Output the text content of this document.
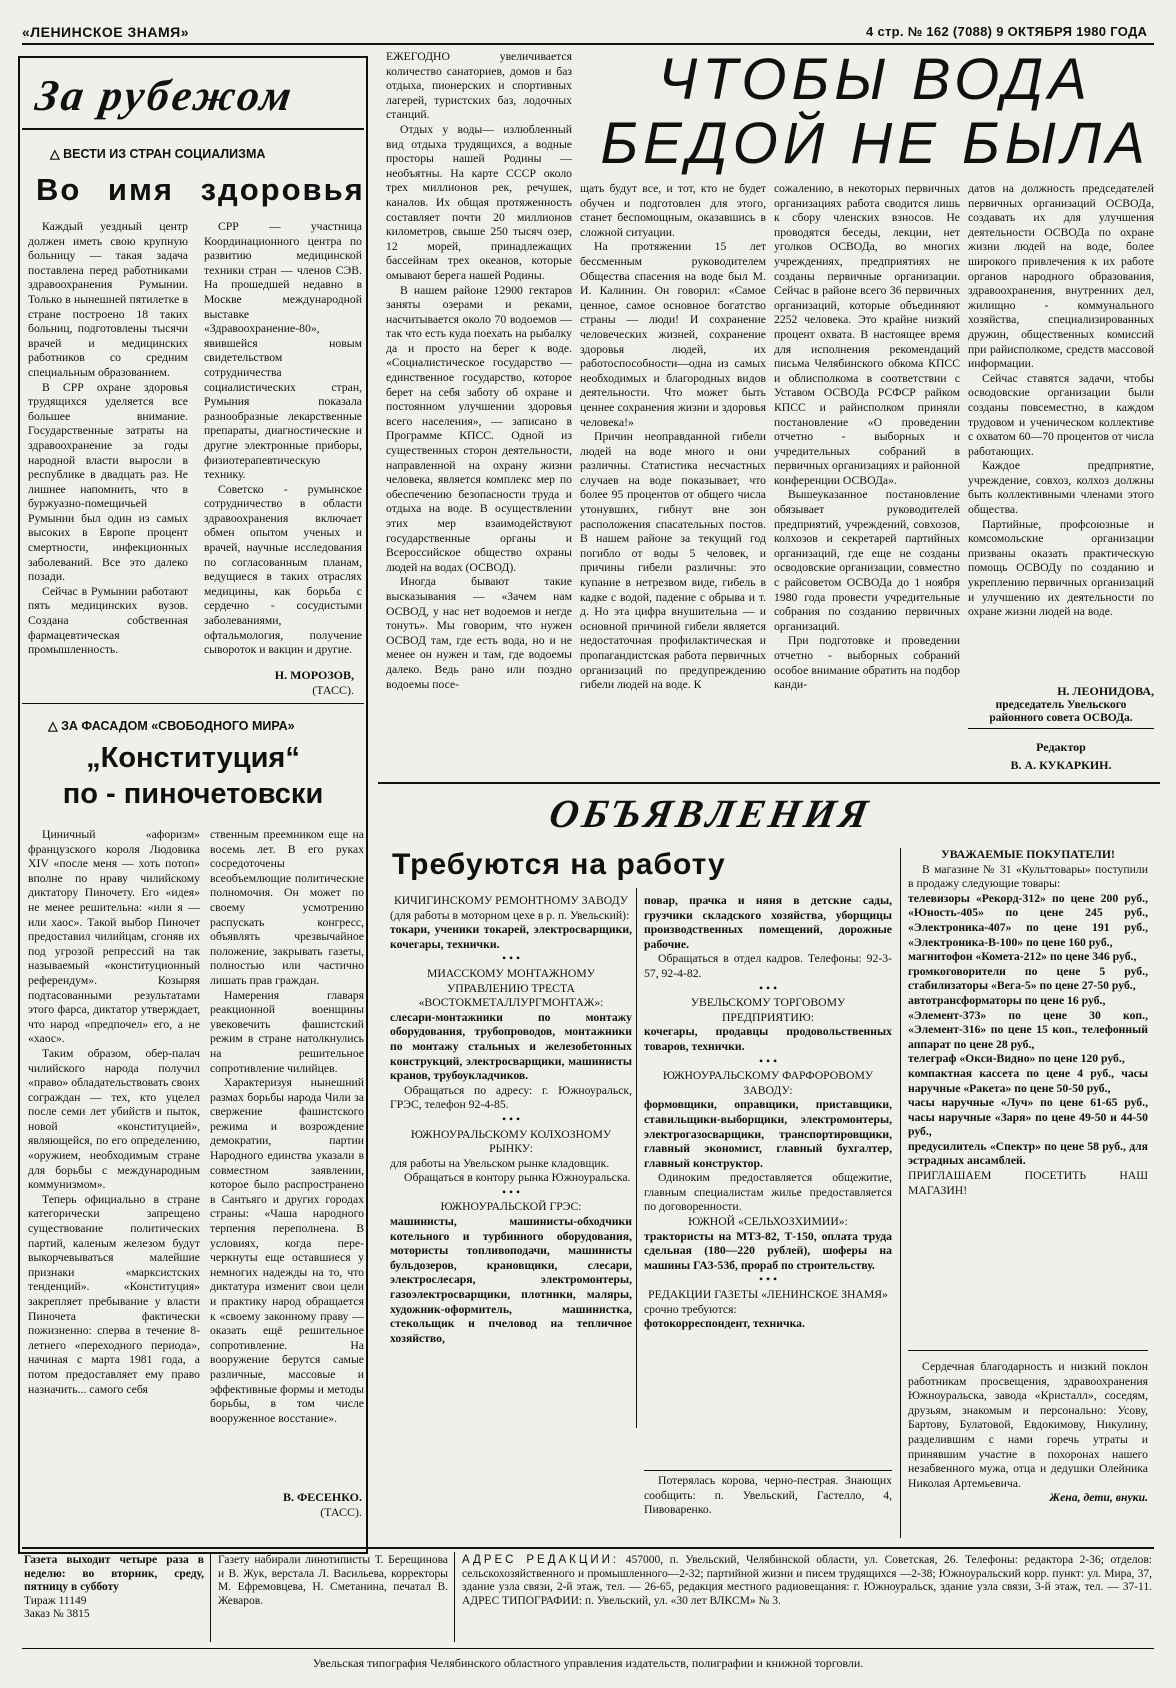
«ЛЕНИНСКОЕ ЗНАМЯ»	4 стр. № 162 (7088) 9 ОКТЯБРЯ 1980 ГОДА
За рубежом
△ ВЕСТИ ИЗ СТРАН СОЦИАЛИЗМА
Во имя здоровья

Каждый уездный центр должен иметь свою крупную больницу — такая задача поставлена перед работниками здравоохранения Румынии. Только в нынешней пятилетке в стране построено 18 таких больниц, подготовлены тысячи врачей и медицинских работников со средним специальным образованием.

В СРР охране здоровья трудящихся уделяется все большее внимание. Государственные затраты на здравоохранение за годы народной власти выросли в республике в двадцать раз. Не лишнее напомнить, что в буржуазно-помещичьей Румынии был один из самых высоких в Европе процент смертности, инфекционных заболеваний. Все это далеко позади.

Сейчас в Румынии работают пять медицинских вузов. Создана собственная фармацевтическая промышленность.

СРР — участница Координационного центра по развитию медицинской техники стран — членов СЭВ. На прошедшей недавно в Москве международной выставке «Здравоохранение-80», явившейся новым свидетельством сотрудничества социалистических стран, Румыния показала разнообразные лекарственные препараты, диагностические и другие электронные приборы, физиотерапевтическую технику.

Советско - румынское сотрудничество в области здравоохранения включает обмен опытом ученых и врачей, научные исследования по согласованным планам, ведущиеся в таких отраслях медицины, как борьба с сердечно - сосудистыми заболеваниями, офтальмология, получение сывороток и вакцин и другие.

Н. МОРОЗОВ,
(ТАСС).
△ ЗА ФАСАДОМ «СВОБОДНОГО МИРА»
„Конституция“
по - пиночетовски

Циничный «афоризм» французского короля Людовика XIV «после меня — хоть потоп» вполне по нраву чилийскому диктатору Пиночету. Его «идея» не менее решительна: «или я —или хаос». Такой выбор Пиночет предоставил чилийцам, сгоняв их под угрозой репрессий на так называемый «конституционный референдум». Козыряя подтасованными результатами этого фарса, диктатор утверждает, что народ «предпочел» его, а не «хаос».

Таким образом, обер-палач чилийского народа получил «право» обладательствовать своих сограждан — тех, кто уцелел после семи лет убийств и пыток, новой «конституцией», являющейся, по его определению, «оружием, необходимым стране для борьбы с международным коммунизмом».

Теперь официально в стране категорически запрещено существование политических партий, каленым железом будут выкорчевываться малейшие признаки «марксистских тенденций». «Конституция» закрепляет пребывание у власти Пиночета фактически пожизненно: сперва в течение 8-летнего «переходного периода», начиная с марта 1981 года, а потом предоставляет ему право назначить... самого себя

ственным преемником еще на восемь лет. В его руках сосредоточены всеобъемлющие политические полномочия. Он может по своему усмотрению распускать конгресс, объявлять чрезвычайное положение, закрывать газеты, полностью или частично лишать прав граждан.

Намерения главаря реакционной военщины увековечить фашистский режим в стране натолкнулись на решительное сопротивление чилийцев.

Характеризуя нынешний размах борьбы народа Чили за свержение фашистского режима и возрождение демократии, партии Народного единства указали в совместном заявлении, которое было распространено в Сантьяго и других городах страны: «Чаша народного терпения переполнена. В условиях, когда пере-черкнуты еще оставшиеся у немногих надежды на то, что диктатура изменит свои цели и практику народ обращается к «своему законному праву — оказать ещё решительное сопротивление. На вооружение берутся самые различные, массовые и эффективные формы и методы борьбы, в том числе вооруженное восстание».

В. ФЕСЕНКО.
(ТАСС).
ЧТОБЫ ВОДА
БЕДОЙ НЕ БЫЛА

ЕЖЕГОДНО увеличивается количество санаториев, домов и баз отдыха, пионерских и спортивных лагерей, туристских баз, лодочных станций.

Отдых у воды— излюбленный вид отдыха трудящихся, а водные просторы нашей Родины —необъятны. На карте СССР около трех миллионов рек, речушек, каналов. Их общая протяженность составляет почти 20 миллионов километров, свыше 250 тысяч озер, 12 морей, принадлежащих бассейнам трех океанов, которые омывают берега нашей Родины.

В нашем районе 12900 гектаров заняты озерами и реками, насчитывается около 70 водоемов — так что есть куда поехать на рыбалку да и просто на берег к воде. «Социалистическое государство — единственное государство, которое берет на себя заботу об охране и постоянном улучшении здоровья всего населения», — записано в Программе КПСС. Одной из существенных сторон деятельности, направленной на охрану жизни человека, является комплекс мер по обеспечению безопасности труда и отдыха на воде. В осуществлении этих мер взаимодействуют государственные органы и Всероссийское общество охраны людей на водах (ОСВОД).

Иногда бывают такие высказывания — «Зачем нам ОСВОД, у нас нет водоемов и негде тонуть». Мы говорим, что нужен ОСВОД там, где есть вода, но и не менее он нужен и там, где водоемы далеко. Ведь рано или поздно водоемы посе-

щать будут все, и тот, кто не будет обучен и подготовлен для этого, станет беспомощным, оказавшись в сложной ситуации.

На протяжении 15 лет бессменным руководителем Общества спасения на воде был М. И. Калинин. Он говорил: «Самое ценное, самое основное богатство страны — люди! И сохранение человеческих жизней, сохранение здоровья людей, их работоспособности—одна из самых необходимых и благородных видов деятельности. Что может быть ценнее сохранения жизни и здоровья человека!»

Причин неоправданной гибели людей на воде много и они различны. Статистика несчастных случаев на воде показывает, что более 95 процентов от общего числа утонувших, гибнут вне зон расположения спасательных постов. В нашем районе за текущий год погибло от воды 5 человек, и причины гибели различны: это купание в нетрезвом виде, гибель в кадке с водой, падение с обрыва и т. д. Но эта цифра внушительна — и основной причиной гибели является недостаточная профилактическая и пропагандистская работа первичных организаций по предупреждению гибели людей на воде. К

сожалению, в некоторых первичных организациях работа сводится лишь к сбору членских взносов. Не проводятся беседы, лекции, нет уголков ОСВОДа, во многих учреждениях, предприятиях не созданы первичные организации. Сейчас в районе всего 36 первичных организаций, которые объединяют 2252 человека. Это крайне низкий процент охвата. В настоящее время для исполнения рекомендаций письма Челябинского обкома КПСС и облисполкома в соответствии с Уставом ОСВОДа РСФСР райком КПСС и райисполком приняли постановление «О проведении отчетно - выборных и учредительных собраний в первичных организациях и районной конференции ОСВОДа».

Вышеуказанное постановление обязывает руководителей предприятий, учреждений, совхозов, колхозов и секретарей партийных организаций, где еще не созданы осводовские организации, совместно с райсоветом ОСВОДа до 1 ноября 1980 года провести учредительные собрания по созданию первичных организаций.

При подготовке и проведении отчетно - выборных собраний особое внимание обратить на подбор канди-

датов на должность председателей первичных организаций ОСВОДа, создавать их для улучшения деятельности ОСВОДа по охране жизни людей на воде, более широкого привлечения к их работе органов народного образования, здравоохранения, внутренних дел, жилищно - коммунального хозяйства, специализированных дружин, общественных комиссий при райисполкоме, средств массовой информации.

Сейчас ставятся задачи, чтобы осводовские организации были созданы повсеместно, в каждом трудовом и ученическом коллективе с охватом 60—70 процентов от числа работающих.

Каждое предприятие, учреждение, совхоз, колхоз должны быть коллективными членами этого общества.

Партийные, профсоюзные и комсомольские организации призваны оказать практическую помощь ОСВОДу по созданию и укреплению первичных организаций и улучшению их деятельности по охране жизни людей на воде.

Н. ЛЕОНИДОВА,
председатель Увельского районного совета ОСВОДа.
Редактор
В. А. КУКАРКИН.
ОБЪЯВЛЕНИЯ
Требуются на работу

КИЧИГИНСКОМУ РЕМОНТНОМУ ЗАВОДУ

(для работы в моторном цехе в р. п. Увельский):

токари, ученики токарей, электросварщики, кочегары, технички.

• • •

МИАССКОМУ МОНТАЖНОМУ УПРАВЛЕНИЮ ТРЕСТА «ВОСТОКМЕТАЛЛУРГМОНТАЖ»:

слесари-монтажники по монтажу оборудования, трубопроводов, монтажники по монтажу стальных и железобетонных конструкций, электросварщики, машинисты кранов, трубоукладчиков.

Обращаться по адресу: г. Южноуральск, ГРЭС, телефон 92-4-85.

• • •

ЮЖНОУРАЛЬСКОМУ КОЛХОЗНОМУ РЫНКУ:

для работы на Увельском рынке кладовщик.

Обращаться в контору рынка Южноуральска.

• • •

ЮЖНОУРАЛЬСКОЙ ГРЭС:

машинисты, машинисты-обходчики котельного и турбинного оборудования, мотористы топливоподачи, машинисты бульдозеров, крановщики, слесари, электрослесаря, электромонтеры, газоэлектросварщики, плотники, маляры, художник-оформитель, машинистка, стекольщик и пчеловод на тепличное хозяйство,

повар, прачка и няня в детские сады, грузчики складского хозяйства, уборщицы производственных помещений, дорожные рабочие.

Обращаться в отдел кадров. Телефоны: 92-3-57, 92-4-82.

• • •

УВЕЛЬСКОМУ ТОРГОВОМУ ПРЕДПРИЯТИЮ:

кочегары, продавцы продовольственных товаров, технички.

• • •

ЮЖНОУРАЛЬСКОМУ ФАРФОРОВОМУ ЗАВОДУ:

формовщики, оправщики, приставщики, ставильщики-выборщики, электромонтеры, электрогазосварщики, транспортировщики, главный экономист, главный бухгалтер, главный конструктор.

Одиноким предоставляется общежитие, главным специалистам жилье предоставляется по договоренности.

ЮЖНОЙ «СЕЛЬХОЗХИМИИ»:

трактористы на МТЗ-82, Т-150, оплата труда сдельная (180—220 рублей), шоферы на машины ГАЗ-53б, прораб по строительству.

• • •

РЕДАКЦИИ ГАЗЕТЫ «ЛЕНИНСКОЕ ЗНАМЯ»

срочно требуются:

фотокорреспондент, техничка.

Потерялась корова, черно-пестрая. Знающих сообщить: п. Увельский, Гастелло, 4, Пивоваренко.

УВАЖАЕМЫЕ ПОКУПАТЕЛИ!

В магазине № 31 «Культтовары» поступили в продажу следующие товары:

телевизоры «Рекорд-312» по цене 200 руб., «Юность-405» по цене 245 руб., «Электроника-407» по цене 191 руб., «Электроника-В-100» по цене 160 руб.,

магнитофон «Комета-212» по цене 346 руб.,

громкоговорители по цене 5 руб., стабилизаторы «Вега-5» по цене 27-50 руб.,

автотрансформаторы по цене 16 руб.,

«Элемент-373» по цене 30 коп., «Элемент-316» по цене 15 коп., телефонный аппарат по цене 28 руб.,

телеграф «Окси-Видно» по цене 120 руб.,

компактная кассета по цене 4 руб., часы наручные «Ракета» по цене 50-50 руб.,

часы наручные «Луч» по цене 61-65 руб., часы наручные «Заря» по цене 49-50 и 44-50 руб.,

предусилитель «Спектр» по цене 58 руб., для эстрадных ансамблей.

ПРИГЛАШАЕМ ПОСЕТИТЬ НАШ МАГАЗИН!

Сердечная благодарность и низкий поклон работникам просвещения, здравоохранения Южноуральска, завода «Кристалл», соседям, друзьям, знакомым и персонально: Усову, Бартову, Булатовой, Евдокимову, Никулину, разделившим с нами горечь утраты и принявшим участие в похоронах нашего незабвенного мужа, отца и дедушки Олейника Николая Артемьевича.

Жена, дети, внуки.

Газета выходит четыре раза в неделю: во вторник, среду, пятницу в субботу

Тираж 11149

Заказ № 3815

Газету набирали линотиписты Т. Берещинова и В. Жук, верстала Л. Васильева, корректоры М. Ефремовцева, Н. Сметанина, печатал В. Жеваров.

АДРЕС РЕДАКЦИИ: 457000, п. Увельский, Челябинской области, ул. Советская, 26. Телефоны: редактора 2-36; отделов: сельскохозяйственного и промышленного—2-32; партийной жизни и писем трудящихся —2-38; Южноуральский корр. пункт: ул. Мира, 37, здание узла связи, 2-й этаж, тел. — 26-65, редакция местного радиовещания: г. Южноуральск, здание узла связи, 3-й этаж, тел. — 37-11. АДРЕС ТИПОГРАФИИ: п. Увельский, ул. «30 лет ВЛКСМ» № 3.

Увельская типография Челябинского областного управления издательств, полиграфии и книжной торговли.
